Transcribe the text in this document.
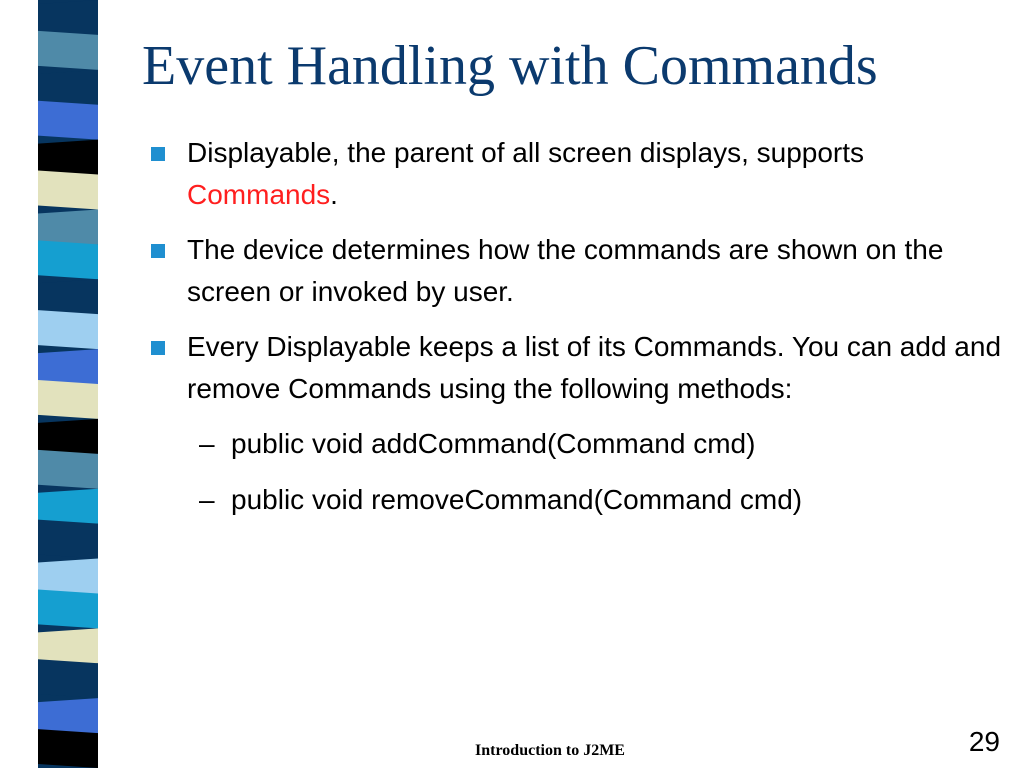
Event Handling with Commands
Displayable, the parent of all screen displays, supports Commands.
The device determines how the commands are shown on the screen or invoked by user.
Every Displayable keeps a list of its Commands. You can add and remove Commands using the following methods:
– public void addCommand(Command cmd)
– public void removeCommand(Command cmd)
Introduction to J2ME	29
